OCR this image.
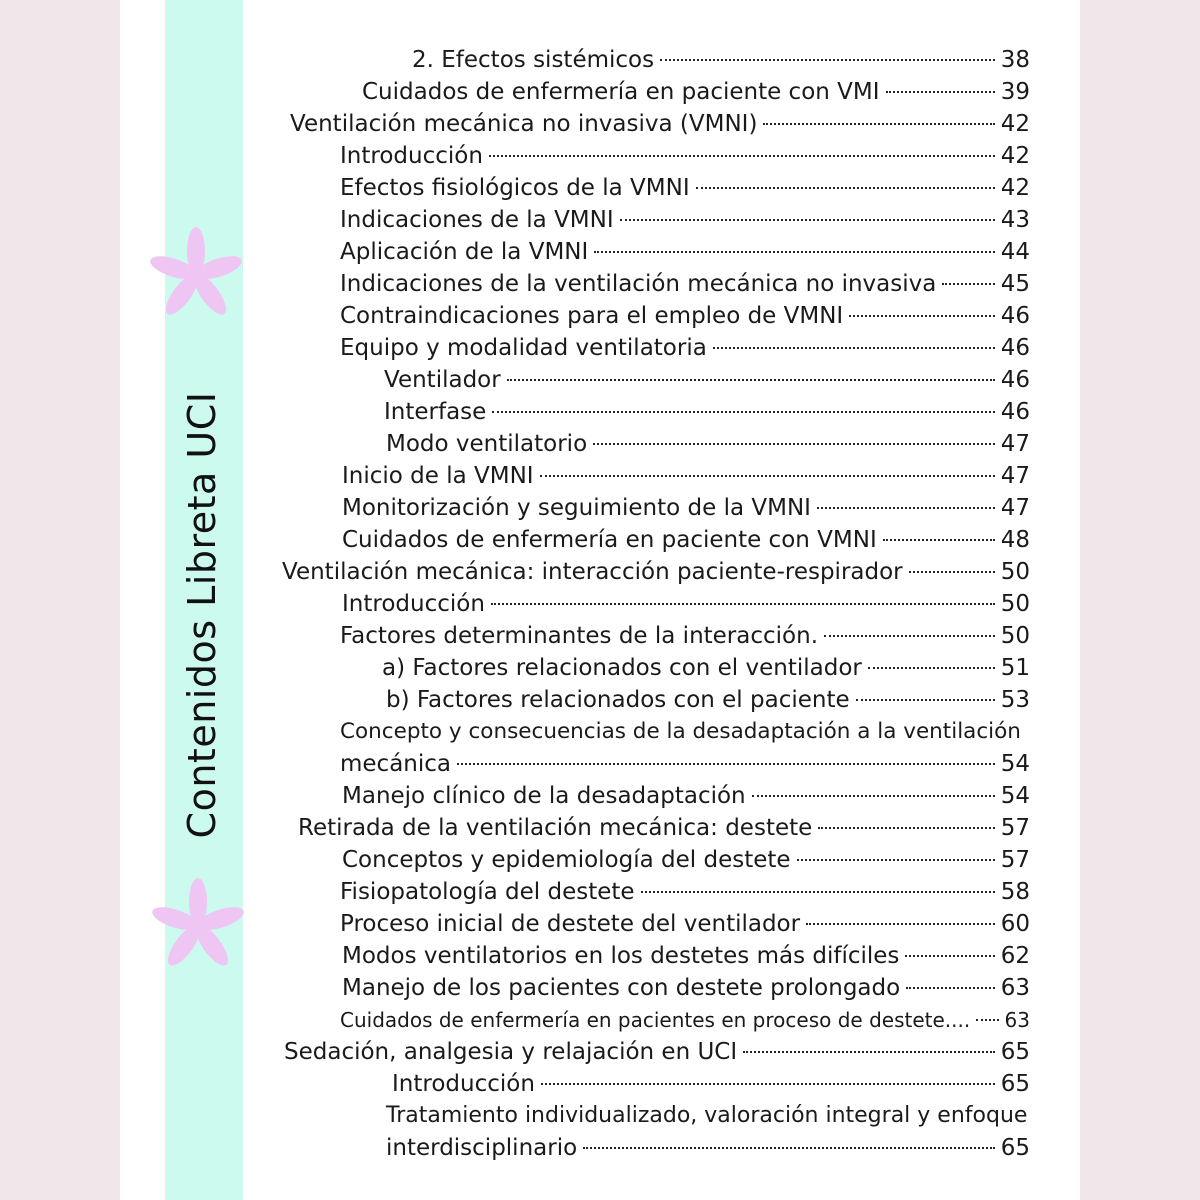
Contenidos Libreta UCI
2. Efectos sistémicos	38
Cuidados de enfermería en paciente con VMI	39
Ventilación mecánica no invasiva (VMNI)	42
Introducción	42
Efectos fisiológicos de la VMNI	42
Indicaciones de la VMNI	43
Aplicación de la VMNI	44
Indicaciones de la ventilación mecánica no invasiva	45
Contraindicaciones para el empleo de VMNI	46
Equipo y modalidad ventilatoria	46
Ventilador	46
Interfase	46
Modo ventilatorio	47
Inicio de la VMNI	47
Monitorización y seguimiento de la VMNI	47
Cuidados de enfermería en paciente con VMNI	48
Ventilación mecánica: interacción paciente-respirador	50
Introducción	50
Factores determinantes de la interacción.	50
a) Factores relacionados con el ventilador	51
b) Factores relacionados con el paciente	53
Concepto y consecuencias de la desadaptación a la ventilación
mecánica	54
Manejo clínico de la desadaptación	54
Retirada de la ventilación mecánica: destete	57
Conceptos y epidemiología del destete	57
Fisiopatología del destete	58
Proceso inicial de destete del ventilador	60
Modos ventilatorios en los destetes más difíciles	62
Manejo de los pacientes con destete prolongado	63
Cuidados de enfermería en pacientes en proceso de destete.... 63
Sedación, analgesia y relajación en UCI	65
Introducción	65
Tratamiento individualizado, valoración integral y enfoque
interdisciplinario	65
